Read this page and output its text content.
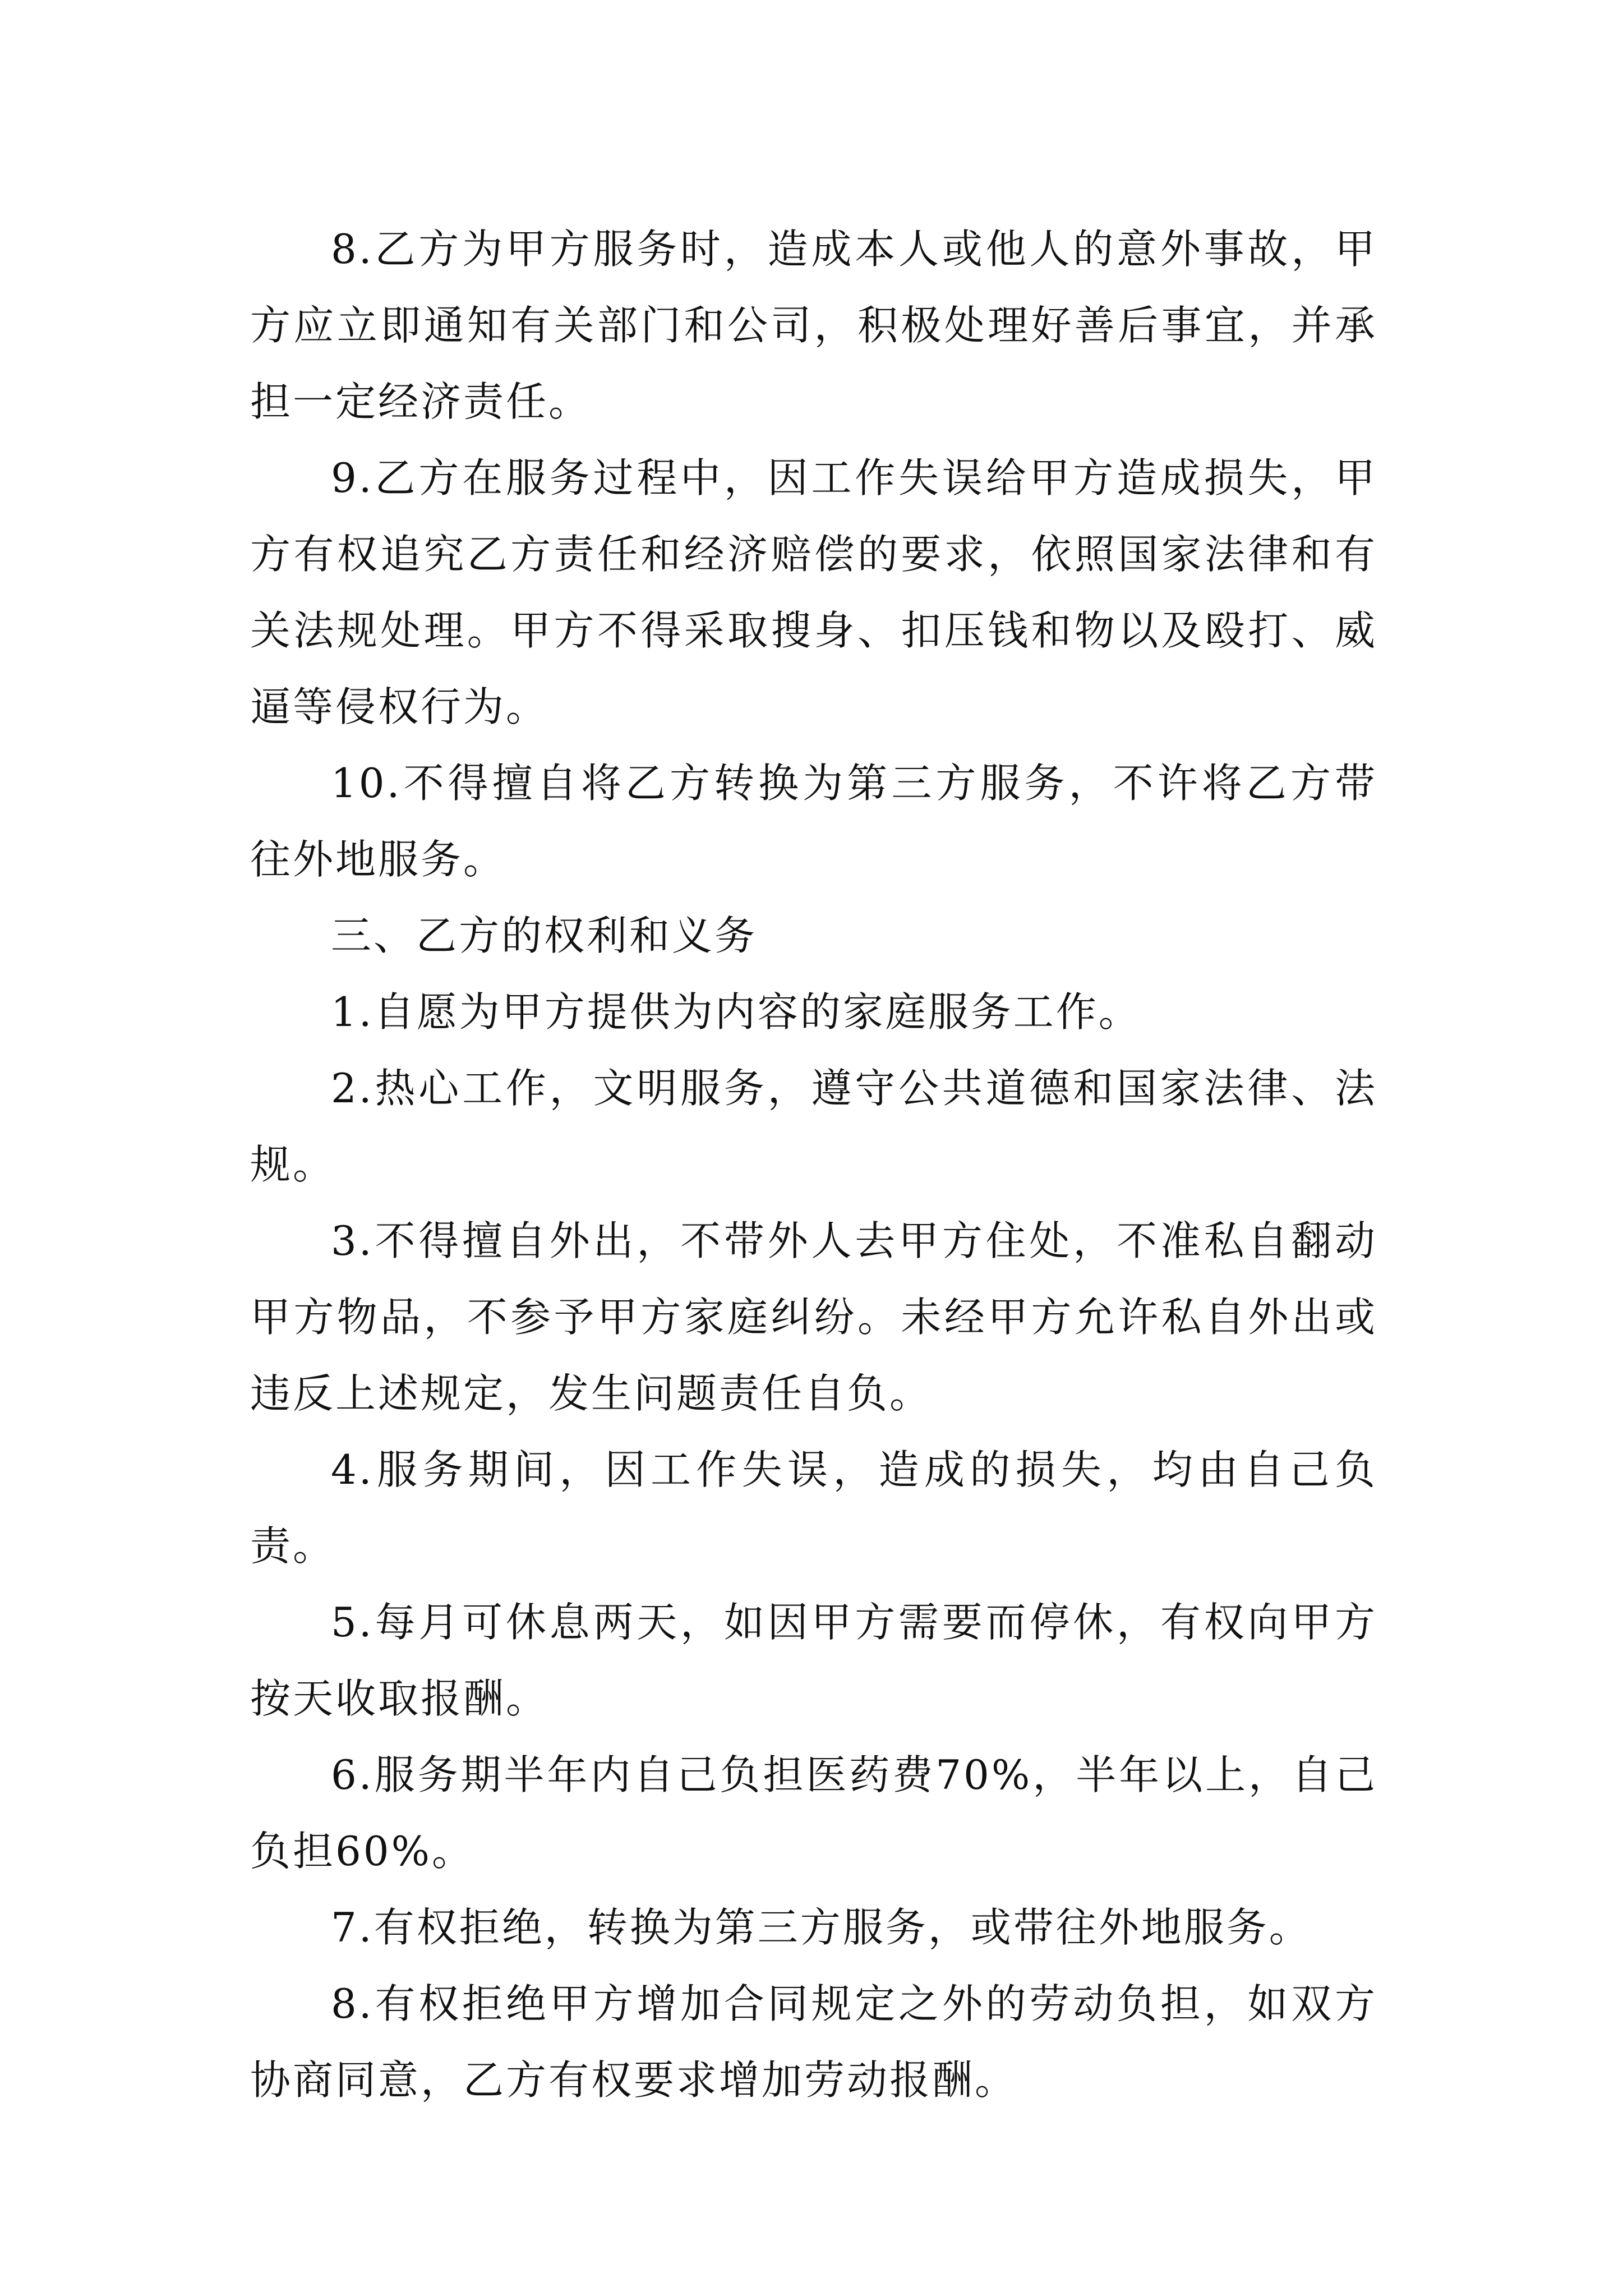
8.乙方为甲方服务时，造成本人或他人的意外事故，甲方应立即通知有关部门和公司，积极处理好善后事宜，并承担一定经济责任。

9.乙方在服务过程中，因工作失误给甲方造成损失，甲方有权追究乙方责任和经济赔偿的要求，依照国家法律和有关法规处理。甲方不得采取搜身、扣压钱和物以及殴打、威逼等侵权行为。

10.不得擅自将乙方转换为第三方服务，不许将乙方带往外地服务。

三、乙方的权利和义务

1.自愿为甲方提供为内容的家庭服务工作。

2.热心工作，文明服务，遵守公共道德和国家法律、法规。

3.不得擅自外出，不带外人去甲方住处，不准私自翻动甲方物品，不参予甲方家庭纠纷。未经甲方允许私自外出或违反上述规定，发生问题责任自负。

4.服务期间，因工作失误，造成的损失，均由自己负责。

5.每月可休息两天，如因甲方需要而停休，有权向甲方按天收取报酬。

6.服务期半年内自己负担医药费70%，半年以上，自己负担60%。

7.有权拒绝，转换为第三方服务，或带往外地服务。

8.有权拒绝甲方增加合同规定之外的劳动负担，如双方协商同意，乙方有权要求增加劳动报酬。
